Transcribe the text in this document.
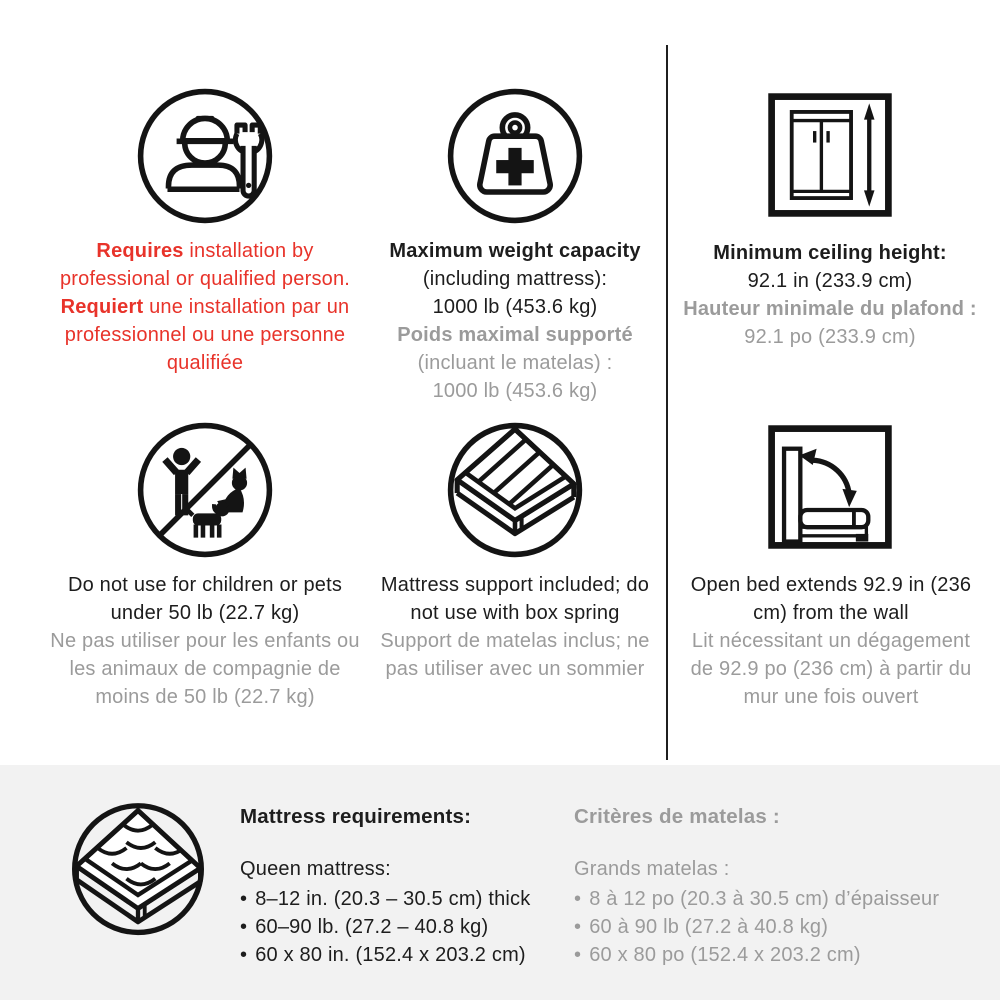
Requires installation by professional or qualified person.
Requiert une installation par un professionnel ou une personne qualifiée
Maximum weight capacity
(including mattress):
1000 lb (453.6 kg)
Poids maximal supporté
(incluant le matelas) :
1000 lb (453.6 kg)
Minimum ceiling height:
92.1 in (233.9 cm)
Hauteur minimale du plafond :
92.1 po (233.9 cm)
Do not use for children or pets under 50 lb (22.7 kg)
Ne pas utiliser pour les enfants ou les animaux de compagnie de moins de 50 lb (22.7 kg)
Mattress support included; do not use with box spring
Support de matelas inclus; ne pas utiliser avec un sommier
Open bed extends 92.9 in (236 cm) from the wall
Lit nécessitant un dégagement de 92.9 po (236 cm) à partir du mur une fois ouvert

Mattress requirements:

Queen mattress:

• 8–12 in. (20.3 – 30.5 cm) thick
• 60–90 lb. (27.2 – 40.8 kg)
• 60 x 80 in. (152.4 x 203.2 cm)

Critères de matelas :

Grands matelas :

• 8 à 12 po (20.3 à 30.5 cm) d’épaisseur
• 60 à 90 lb (27.2 à 40.8 kg)
• 60 x 80 po (152.4 x 203.2 cm)
